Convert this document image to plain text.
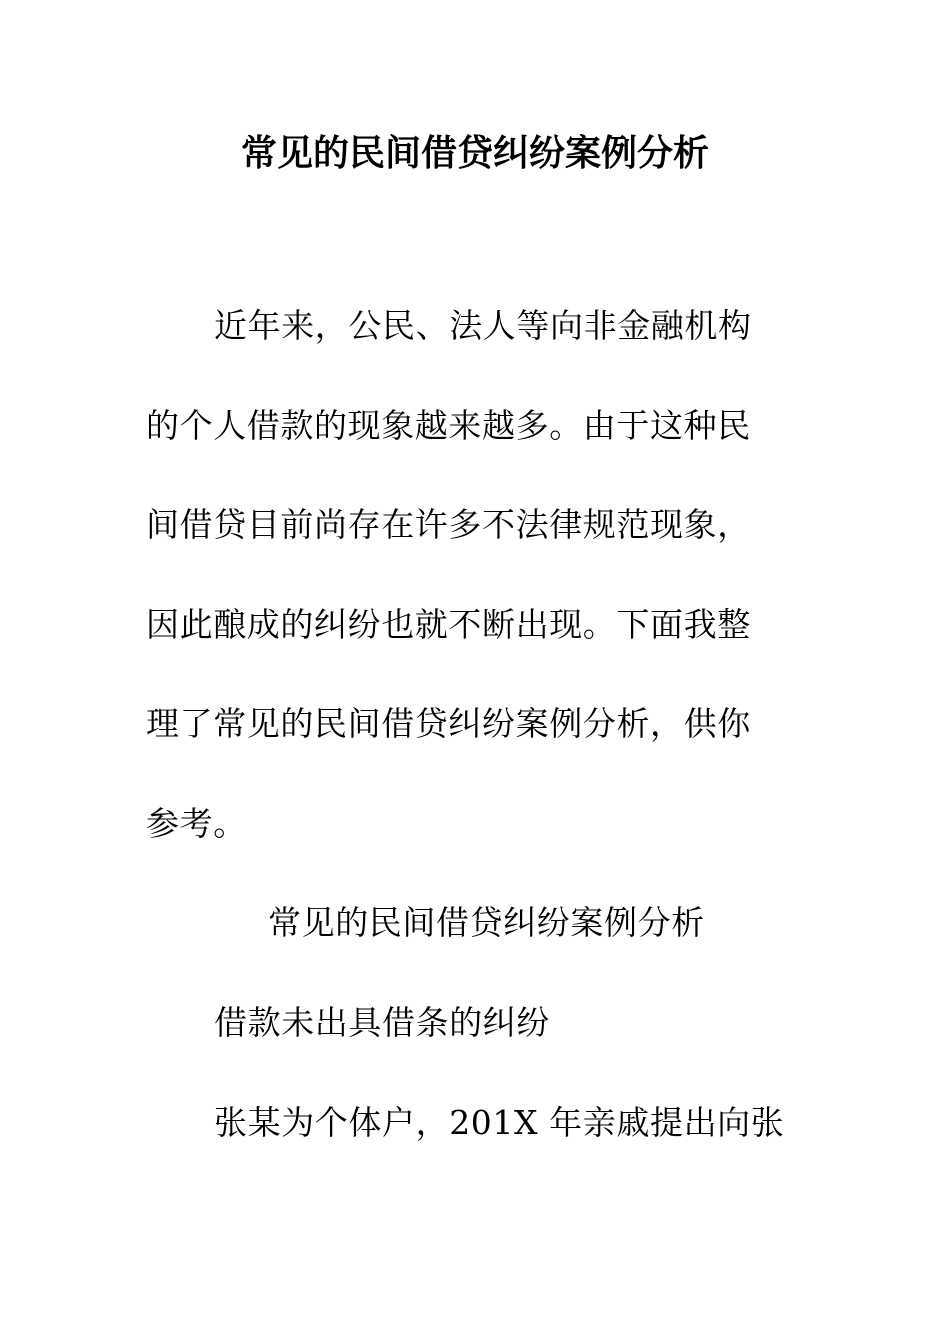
常见的民间借贷纠纷案例分析
近年来，公民、法人等向非金融机构
的个人借款的现象越来越多。由于这种民
间借贷目前尚存在许多不法律规范现象，
因此酿成的纠纷也就不断出现。下面我整
理了常见的民间借贷纠纷案例分析，供你
参考。
常见的民间借贷纠纷案例分析
借款未出具借条的纠纷
张某为个体户，201X 年亲戚提出向张
